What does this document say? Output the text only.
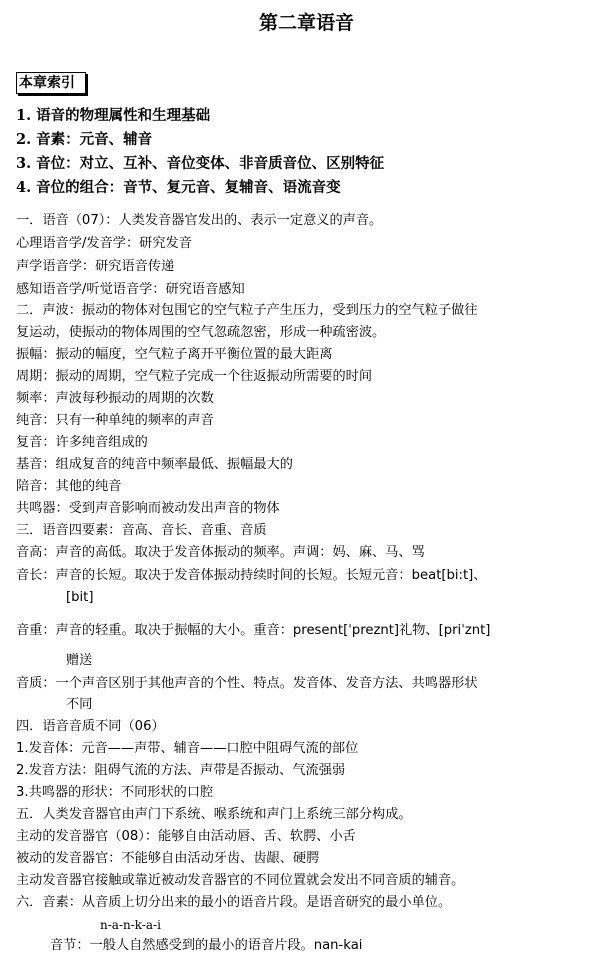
第二章语音
本章索引
1. 语音的物理属性和生理基础
2. 音素：元音、辅音
3. 音位：对立、互补、音位变体、非音质音位、区别特征
4. 音位的组合：音节、复元音、复辅音、语流音变
一．语音（07）：人类发音器官发出的、表示一定意义的声音。
心理语音学/发音学：研究发音
声学语音学：研究语音传递
感知语音学/听觉语音学：研究语音感知
二．声波：振动的物体对包围它的空气粒子产生压力，受到压力的空气粒子做往
复运动，使振动的物体周围的空气忽疏忽密，形成一种疏密波。
振幅：振动的幅度，空气粒子离开平衡位置的最大距离
周期：振动的周期，空气粒子完成一个往返振动所需要的时间
频率：声波每秒振动的周期的次数
纯音：只有一种单纯的频率的声音
复音：许多纯音组成的
基音：组成复音的纯音中频率最低、振幅最大的
陪音：其他的纯音
共鸣器：受到声音影响而被动发出声音的物体
三．语音四要素：音高、音长、音重、音质
音高：声音的高低。取决于发音体振动的频率。声调：妈、麻、马、骂
音长：声音的长短。取决于发音体振动持续时间的长短。长短元音：beat[bi:t]、
[bit]
音重：声音的轻重。取决于振幅的大小。重音：present[ˈpreznt]礼物、[priˈznt]
赠送
音质：一个声音区别于其他声音的个性、特点。发音体、发音方法、共鸣器形状
不同
四．语音音质不同（06）
1.发音体：元音——声带、辅音——口腔中阻碍气流的部位
2.发音方法：阻碍气流的方法、声带是否振动、气流强弱
3.共鸣器的形状：不同形状的口腔
五．人类发音器官由声门下系统、喉系统和声门上系统三部分构成。
主动的发音器官（08）：能够自由活动唇、舌、软腭、小舌
被动的发音器官：不能够自由活动牙齿、齿龈、硬腭
主动发音器官接触或靠近被动发音器官的不同位置就会发出不同音质的辅音。
六．音素：从音质上切分出来的最小的语音片段。是语音研究的最小单位。
n-a-n-k-a-i
音节：一般人自然感受到的最小的语音片段。nan-kai
